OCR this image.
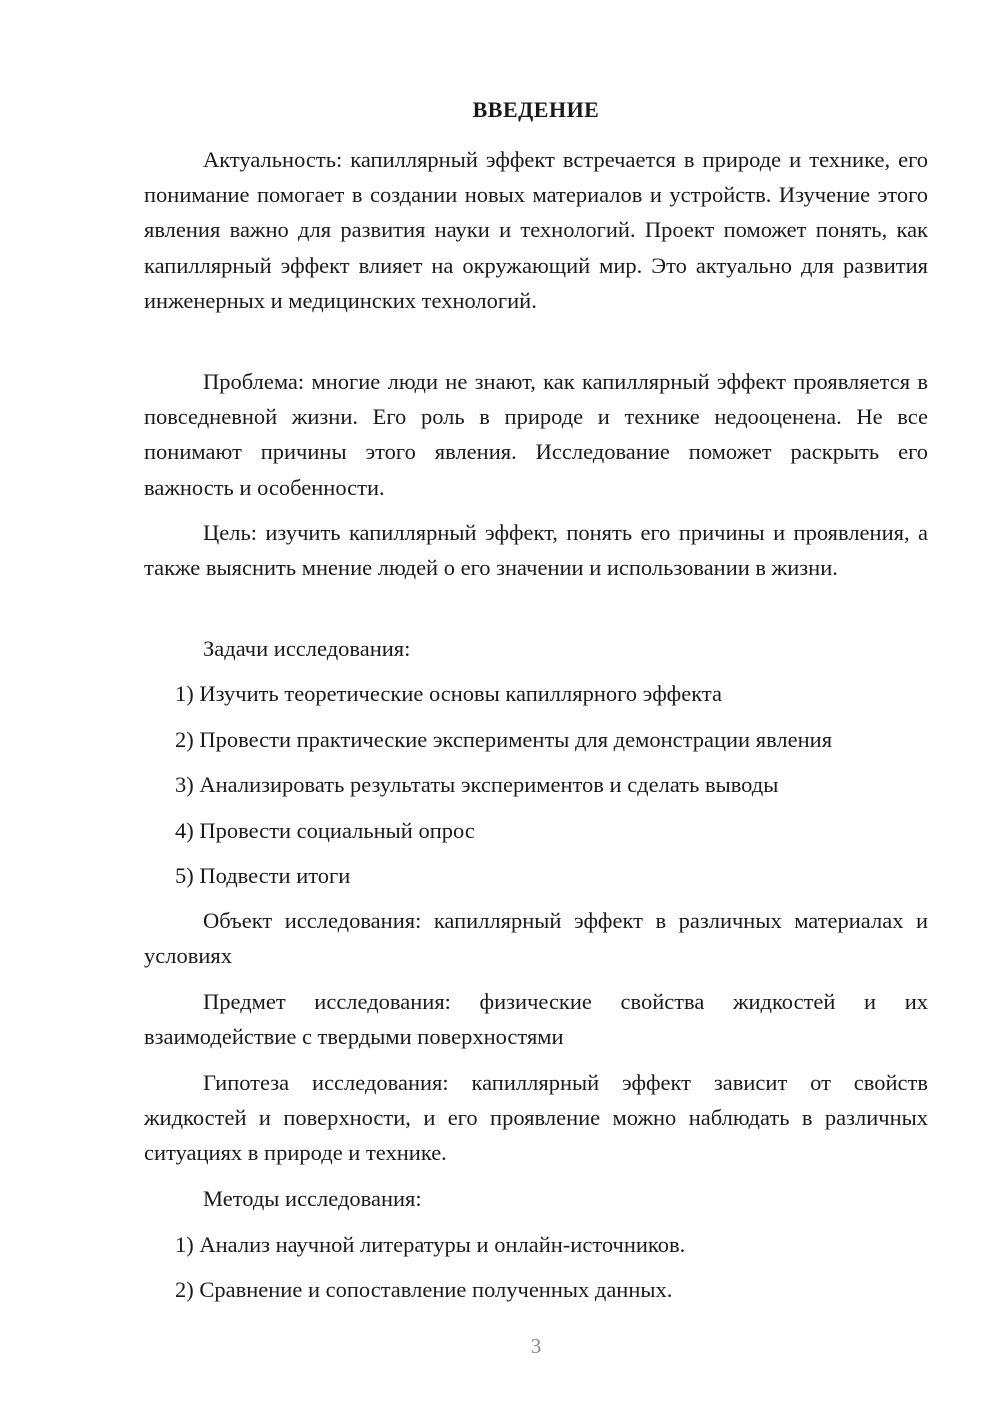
ВВЕДЕНИЕ

Актуальность: капиллярный эффект встречается в природе и технике, его понимание помогает в создании новых материалов и устройств. Изучение этого явления важно для развития науки и технологий. Проект поможет понять, как капиллярный эффект влияет на окружающий мир. Это актуально для развития инженерных и медицинских технологий.

Проблема: многие люди не знают, как капиллярный эффект проявляется в повседневной жизни. Его роль в природе и технике недооценена. Не все понимают причины этого явления. Исследование поможет раскрыть его важность и особенности.

Цель: изучить капиллярный эффект, понять его причины и проявления, а также выяснить мнение людей о его значении и использовании в жизни.

Задачи исследования:
1) Изучить теоретические основы капиллярного эффекта
2) Провести практические эксперименты для демонстрации явления
3) Анализировать результаты экспериментов и сделать выводы
4) Провести социальный опрос
5) Подвести итоги

Объект исследования: капиллярный эффект в различных материалах и условиях

Предмет исследования: физические свойства жидкостей и их взаимодействие с твердыми поверхностями

Гипотеза исследования: капиллярный эффект зависит от свойств жидкостей и поверхности, и его проявление можно наблюдать в различных ситуациях в природе и технике.

Методы исследования:
1) Анализ научной литературы и онлайн-источников.
2) Сравнение и сопоставление полученных данных.
3
